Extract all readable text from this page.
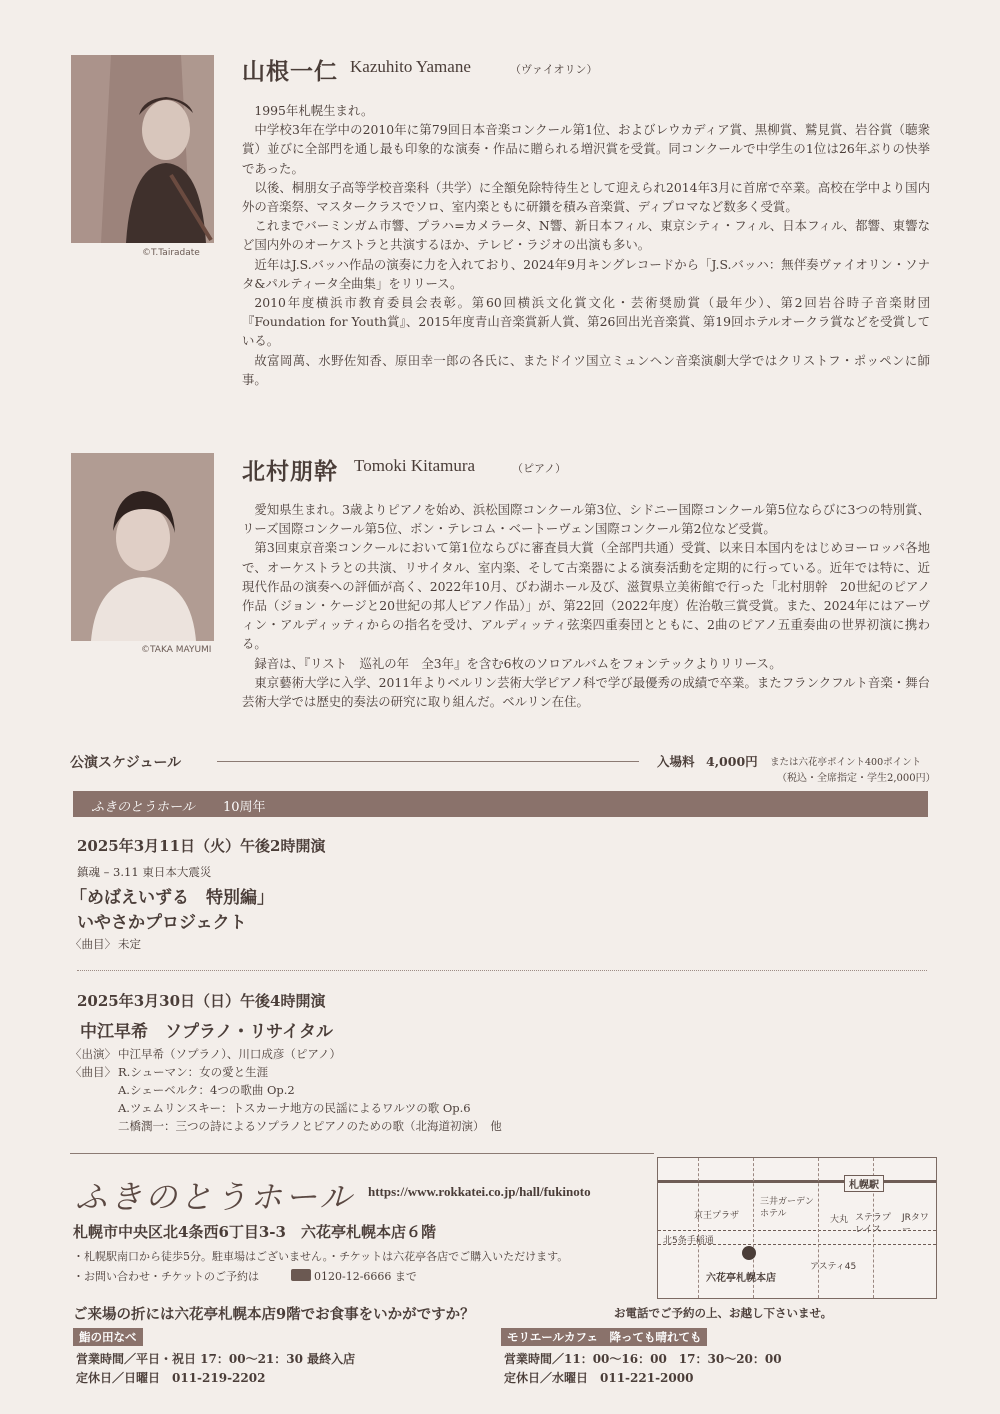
©T.Tairadate
山根一仁 Kazuhito Yamane	（ヴァイオリン）

1995年札幌生まれ。

中学校3年在学中の2010年に第79回日本音楽コンクール第1位、およびレウカディア賞、黒柳賞、鷲見賞、岩谷賞（聴衆賞）並びに全部門を通し最も印象的な演奏・作品に贈られる増沢賞を受賞。同コンクールで中学生の1位は26年ぶりの快挙であった。

以後、桐朋女子高等学校音楽科（共学）に全額免除特待生として迎えられ2014年3月に首席で卒業。高校在学中より国内外の音楽祭、マスタークラスでソロ、室内楽ともに研鑽を積み音楽賞、ディプロマなど数多く受賞。

これまでバーミンガム市響、プラハ=カメラータ、N響、新日本フィル、東京シティ・フィル、日本フィル、都響、東響など国内外のオーケストラと共演するほか、テレビ・ラジオの出演も多い。

近年はJ.S.バッハ作品の演奏に力を入れており、2024年9月キングレコードから「J.S.バッハ：無伴奏ヴァイオリン・ソナタ&パルティータ全曲集」をリリース。

2010年度横浜市教育委員会表彰。第60回横浜文化賞文化・芸術奨励賞（最年少）、第2回岩谷時子音楽財団『Foundation for Youth賞』、2015年度青山音楽賞新人賞、第26回出光音楽賞、第19回ホテルオークラ賞などを受賞している。

故富岡萬、水野佐知香、原田幸一郎の各氏に、またドイツ国立ミュンヘン音楽演劇大学ではクリストフ・ポッペンに師事。

©TAKA MAYUMI
北村朋幹 Tomoki Kitamura	（ピアノ）

愛知県生まれ。3歳よりピアノを始め、浜松国際コンクール第3位、シドニー国際コンクール第5位ならびに3つの特別賞、リーズ国際コンクール第5位、ボン・テレコム・ベートーヴェン国際コンクール第2位など受賞。

第3回東京音楽コンクールにおいて第1位ならびに審査員大賞（全部門共通）受賞、以来日本国内をはじめヨーロッパ各地で、オーケストラとの共演、リサイタル、室内楽、そして古楽器による演奏活動を定期的に行っている。近年では特に、近現代作品の演奏への評価が高く、2022年10月、びわ湖ホール及び、滋賀県立美術館で行った「北村朋幹　20世紀のピアノ作品（ジョン・ケージと20世紀の邦人ピアノ作品）」が、第22回（2022年度）佐治敬三賞受賞。また、2024年にはアーヴィン・アルディッティからの指名を受け、アルディッティ弦楽四重奏団とともに、2曲のピアノ五重奏曲の世界初演に携わる。

録音は、『リスト　巡礼の年　全3年』を含む6枚のソロアルバムをフォンテックよりリリース。

東京藝術大学に入学、2011年よりベルリン芸術大学ピアノ科で学び最優秀の成績で卒業。またフランクフルト音楽・舞台芸術大学では歴史的奏法の研究に取り組んだ。ベルリン在住。

公演スケジュール	入場料 4,000円 または六花亭ポイント400ポイント
（税込・全席指定・学生2,000円）
ふきのとうホール 10周年
2025年3月11日（火）午後2時開演
鎮魂 – 3.11 東日本大震災
「めばえいずる　特別編」
いやさかプロジェクト
〈曲目〉 未定
2025年3月30日（日）午後4時開演
中江早希　ソプラノ・リサイタル
〈出演〉 中江早希（ソプラノ）、川口成彦（ピアノ）
〈曲目〉 R.シューマン：女の愛と生涯
A.シェーベルク：4つの歌曲 Op.2
A.ツェムリンスキー：トスカーナ地方の民謡によるワルツの歌 Op.6
二橋潤一：三つの詩によるソプラノとピアノのための歌（北海道初演）　他
ふきのとうホール https://www.rokkatei.co.jp/hall/fukinoto
札幌市中央区北4条西6丁目3-3　六花亭札幌本店６階
・札幌駅南口から徒歩5分。駐車場はございません。・チケットは六花亭各店でご購入いただけます。
・お問い合わせ・チケットのご予約は	0120-12-6666 まで
札幌駅
北5条手稲通
京王プラザ
三井ガーデンホテル
大丸 ステラプレイス
JRタワー
アスティ45
六花亭札幌本店
ご来場の折には六花亭札幌本店9階でお食事をいかがですか？	お電話でご予約の上、お越し下さいませ。
鮨の田なべ
営業時間／平日・祝日 17：00〜21：30 最終入店
定休日／日曜日　011-219-2202
モリエールカフェ　降っても晴れても
営業時間／11：00〜16：00　17：30〜20：00
定休日／水曜日　011-221-2000
